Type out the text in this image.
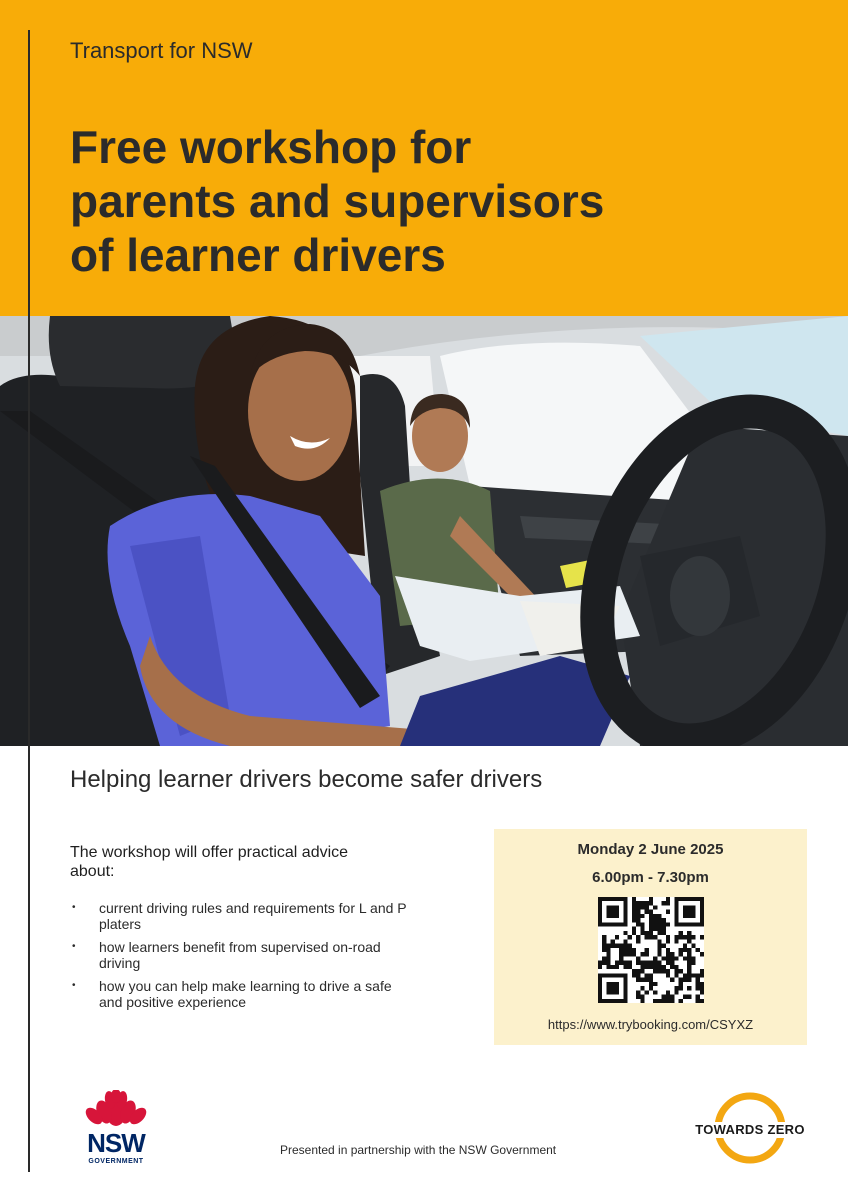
Transport for NSW
Free workshop for
parents and supervisors
of learner drivers
Helping learner drivers become safer drivers
The workshop will offer practical advice about:
• current driving rules and requirements for L and P platers
• how learners benefit from supervised on-road driving
• how you can help make learning to drive a safe and positive experience
Monday 2 June 2025
6.00pm - 7.30pm
https://www.trybooking.com/CSYXZ
NSW
GOVERNMENT
Presented in partnership with the NSW Government
TOWARDS ZERO
